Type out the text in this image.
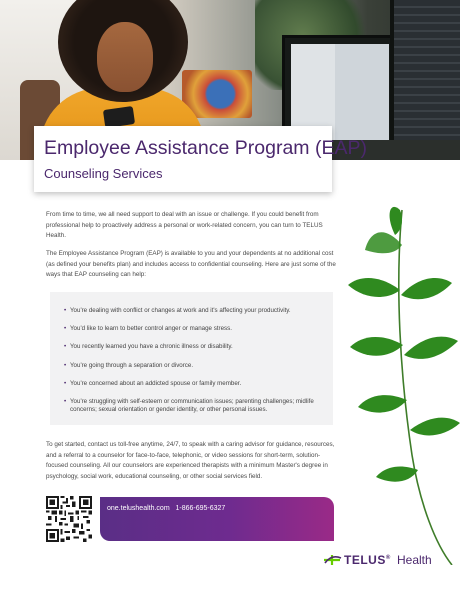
Employee Assistance Program (EAP)
Counseling Services

From time to time, we all need support to deal with an issue or challenge. If you could benefit from professional help to proactively address a personal or work-related concern, you can turn to TELUS Health.

The Employee Assistance Program (EAP) is available to you and your dependents at no additional cost (as defined your benefits plan) and includes access to confidential counseling. Here are just some of the ways that EAP counseling can help:

• You're dealing with conflict or changes at work and it's affecting your productivity.
• You'd like to learn to better control anger or manage stress.
• You recently learned you have a chronic illness or disability.
• You're going through a separation or divorce.
• You're concerned about an addicted spouse or family member.
• You're struggling with self-esteem or communication issues; parenting challenges; midlife concerns; sexual orientation or gender identity, or other personal issues.

To get started, contact us toll-free anytime, 24/7, to speak with a caring advisor for guidance, resources, and a referral to a counselor for face-to-face, telephonic, or video sessions for short-term, solution-focused counseling. All our counselors are experienced therapists with a minimum Master's degree in psychology, social work, educational counseling, or other social services field.

one.telushealth.com 1-866-695-6327
TELUS® Health
